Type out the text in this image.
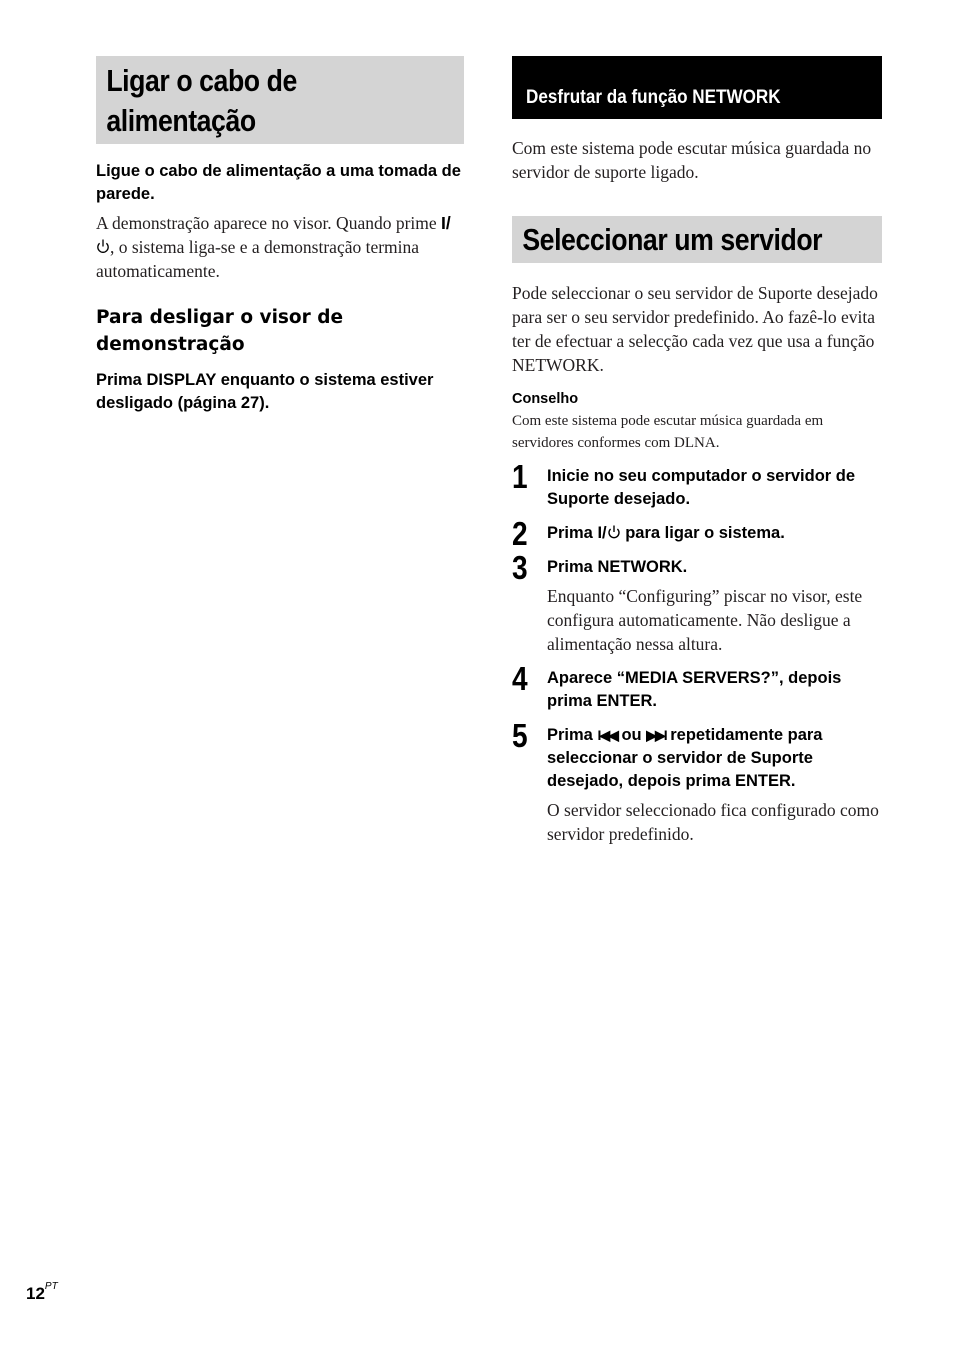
Ligar o cabo de
alimentação

Ligue o cabo de alimentação a uma tomada de parede.

A demonstração aparece no visor. Quando prime I/, o sistema liga-se e a demonstração termina automaticamente.

Para desligar o visor de
demonstração

Prima DISPLAY enquanto o sistema estiver desligado (página 27).

Desfrutar da função NETWORK

Com este sistema pode escutar música guardada no servidor de suporte ligado.

Seleccionar um servidor

Pode seleccionar o seu servidor de Suporte desejado para ser o seu servidor predefinido. Ao fazê-lo evita ter de efectuar a selecção cada vez que usa a função NETWORK.

Conselho

Com este sistema pode escutar música guardada em servidores conformes com DLNA.

1 Inicie no seu computador o servidor de Suporte desejado.

2 Prima I/ para ligar o sistema.

3 Prima NETWORK.

Enquanto “Configuring” piscar no visor, este configura automaticamente. Não desligue a alimentação nessa altura.

4 Aparece “MEDIA SERVERS?”, depois prima ENTER.

5 Prima I◀◀ ou ▶▶I repetidamente para seleccionar o servidor de Suporte desejado, depois prima ENTER.

O servidor seleccionado fica configurado como servidor predefinido.

$12^{PT}$
